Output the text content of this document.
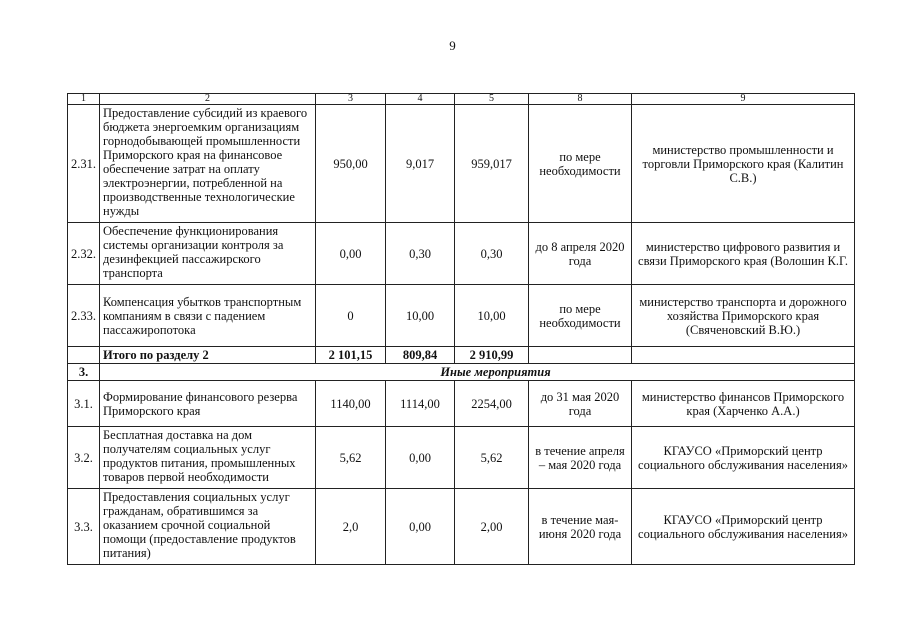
9
1	2	3	4	5	8	9
2.31.	Предоставление субсидий из краевого бюджета энергоемким организациям горнодобывающей промышленности Приморского края на финансовое обеспечение затрат на оплату электроэнергии, потребленной на производственные технологические нужды	950,00	9,017	959,017	по мере необходимости	министерство промышленности и торговли Приморского края (Калитин С.В.)
2.32.	Обеспечение функционирования системы организации контроля за дезинфекцией пассажирского транспорта	0,00	0,30	0,30	до 8 апреля 2020 года	министерство цифрового развития и связи Приморского края (Волошин К.Г.
2.33.	Компенсация убытков транспортным компаниям в связи с падением пассажиропотока	0	10,00	10,00	по мере необходимости	министерство транспорта и дорожного хозяйства Приморского края (Свяченовский В.Ю.)
	Итого по разделу 2	2 101,15	809,84	2 910,99		
3.	Иные мероприятия					
3.1.	Формирование финансового резерва Приморского края	1140,00	1114,00	2254,00	до 31 мая 2020 года	министерство финансов Приморского края (Харченко А.А.)
3.2.	Бесплатная доставка на дом получателям социальных услуг продуктов питания, промышленных товаров первой необходимости	5,62	0,00	5,62	в течение апреля – мая 2020 года	КГАУСО «Приморский центр социального обслуживания населения»
3.3.	Предоставления социальных услуг гражданам, обратившимся за оказанием срочной социальной помощи (предоставление продуктов питания)	2,0	0,00	2,00	в течение мая-июня 2020 года	КГАУСО «Приморский центр социального обслуживания населения»
